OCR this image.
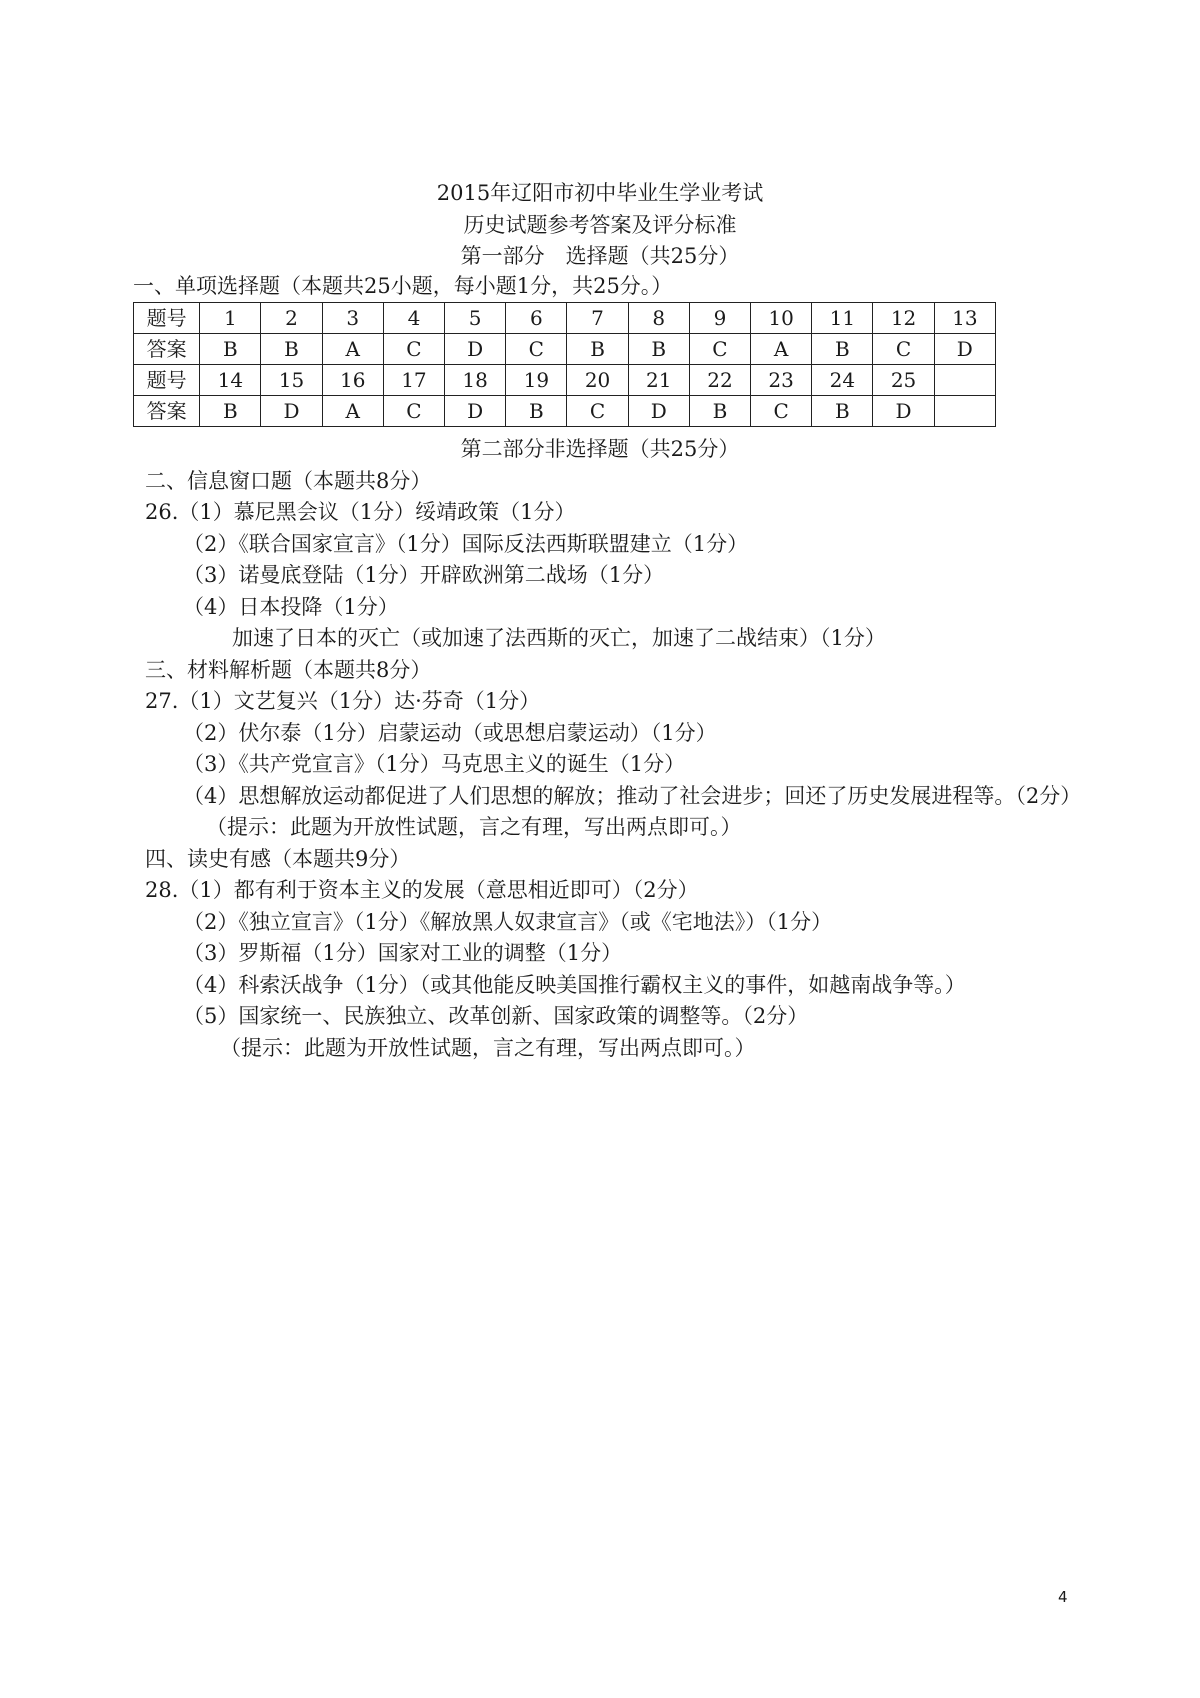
2015年辽阳市初中毕业生学业考试
历史试题参考答案及评分标准
第一部分　选择题（共25分）
一、单项选择题（本题共25小题，每小题1分，共25分。）
题号	1	2	3	4	5	6	7	8	9	10	11	12	13
答案	B	B	A	C	D	C	B	B	C	A	B	C	D
题号	14	15	16	17	18	19	20	21	22	23	24	25	
答案	B	D	A	C	D	B	C	D	B	C	B	D	
第二部分非选择题（共25分）
二、信息窗口题（本题共8分）
26.（1）慕尼黑会议（1分）绥靖政策（1分）
（2）《联合国家宣言》（1分）国际反法西斯联盟建立（1分）
（3）诺曼底登陆（1分）开辟欧洲第二战场（1分）
（4）日本投降（1分）
加速了日本的灭亡（或加速了法西斯的灭亡，加速了二战结束）（1分）
三、材料解析题（本题共8分）
27.（1）文艺复兴（1分）达·芬奇（1分）
（2）伏尔泰（1分）启蒙运动（或思想启蒙运动）（1分）
（3）《共产党宣言》（1分）马克思主义的诞生（1分）
（4）思想解放运动都促进了人们思想的解放；推动了社会进步；回还了历史发展进程等。（2分）
（提示：此题为开放性试题，言之有理，写出两点即可。）
四、读史有感（本题共9分）
28.（1）都有利于资本主义的发展（意思相近即可）（2分）
（2）《独立宣言》（1分）《解放黑人奴隶宣言》（或《宅地法》）（1分）
（3）罗斯福（1分）国家对工业的调整（1分）
（4）科索沃战争（1分）（或其他能反映美国推行霸权主义的事件，如越南战争等。）
（5）国家统一、民族独立、改革创新、国家政策的调整等。（2分）
（提示：此题为开放性试题，言之有理，写出两点即可。）
4
